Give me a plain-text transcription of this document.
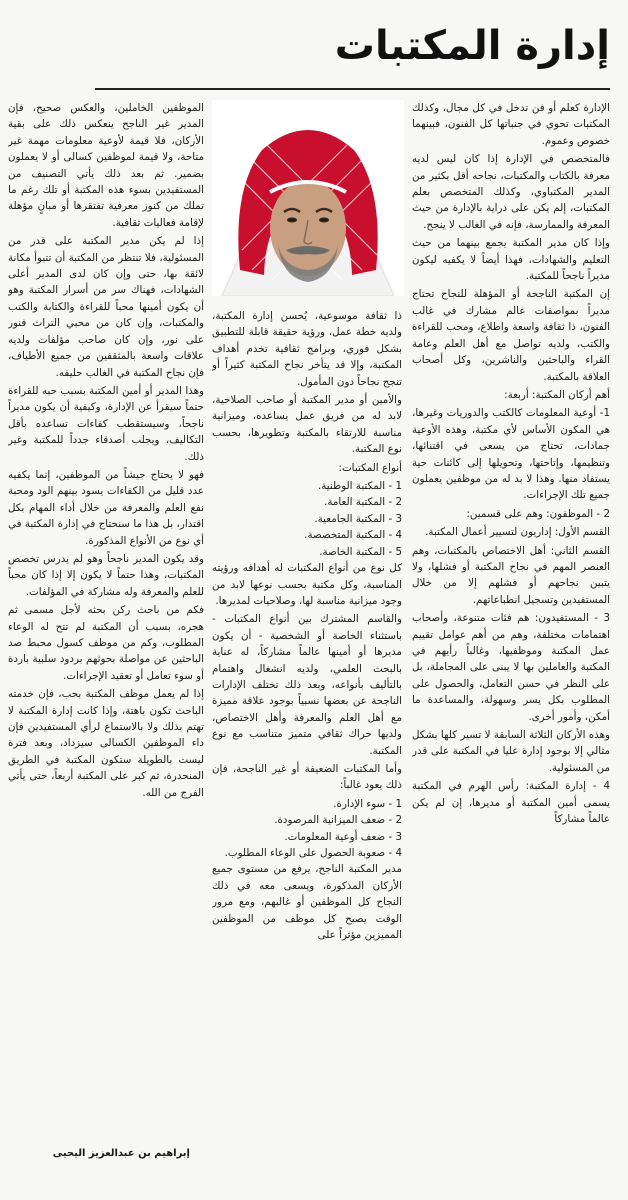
إدارة المكتبات

الإدارة كعلم أو فن تدخل في كل مجال، وكذلك المكتبات تحوي في جنباتها كل الفنون، فبينهما خصوص وعموم.

فالمتخصص في الإدارة إذا كان ليس لديه معرفة بالكتاب والمكتبات، نجاحه أقل بكثير من المدير المكتباوي، وكذلك المتخصص بعلم المكتبات، إلم يكن على دراية بالإدارة من حيث المعرفة والممارسة، فإنه في الغالب لا ينجح.

وإذا كان مدير المكتبة يجمع بينهما من حيث التعليم والشهادات، فهذا أيضاً لا يكفيه ليكون مديراً ناجحاً للمكتبة.

إن المكتبة الناجحة أو المؤهلة للنجاح تحتاج مديراً بمواصفات عالم مشارك في غالب الفنون، ذا ثقافة واسعة واطلاع، ومحب للقراءة والكتب، ولديه تواصل مع أهل العلم وعامة القراء والباحثين والناشرين، وكل أصحاب العلاقة بالمكتبة.

أهم أركان المكتبة: أربعة:

1- أوعية المعلومات كالكتب والدوريات وغيرها، هي المكون الأساس لأي مكتبة، وهذه الأوعية جمادات، تحتاج من يسعى في اقتنائها، وتنظيمها، وإتاحتها، وتحويلها إلى كائنات حية يستفاد منها. وهذا لا بد له من موظفين يعملون جميع تلك الإجراءات.

2 - الموظفون: وهم على قسمين:

القسم الأول: إداريون لتسيير أعمال المكتبة.

القسم الثاني: أهل الاختصاص بالمكتبات، وهم العنصر المهم في نجاح المكتبة أو فشلها، ولا يتبين نجاحهم أو فشلهم إلا من خلال المستفيدين وتسجيل انطباعاتهم.

3 - المستفيدون: هم فئات متنوعة، وأصحاب اهتمامات مختلفة، وهم من أهم عوامل تقييم عمل المكتبة وموظفيها، وغالباً رأيهم في المكتبة والعاملين بها لا يبنى على المجاملة، بل على النظر في حسن التعامل، والحصول على المطلوب بكل يسر وسهولة، والمساعدة ما أمكن، وأمور أخرى.

وهذه الأركان الثلاثة السابقة لا تسير كلها بشكل مثالي إلا بوجود إدارة عليا في المكتبة على قدر من المسئولية.

4 - إدارة المكتبة: رأس الهرم في المكتبة يسمى أمين المكتبة أو مديرها، إن لم يكن عالماً مشاركاً

ذا ثقافة موسوعية، يُحسن إدارة المكتبة، ولديه خطة عمل، ورؤية حقيقة قابلة للتطبيق بشكل فوري، وبرامج ثقافية تخدم أهداف المكتبة، وإلا قد يتأخر نجاح المكتبة كثيراً أو تنجح نجاحاً دون المأمول.

والأمين أو مدير المكتبة أو صاحب الصلاحية، لابد له من فريق عمل يساعده، وميزانية مناسبة للارتقاء بالمكتبة وتطويرها، بحسب نوع المكتبة.

أنواع المكتبات:

1 - المكتبة الوطنية.

2 - المكتبة العامة.

3 - المكتبة الجامعية.

4 - المكتبة المتخصصة.

5 - المكتبة الخاصة.

كل نوع من أنواع المكتبات له أهدافه ورؤيته المناسبة، وكل مكتبة بحسب نوعها لابد من وجود ميزانية مناسبة لها، وصلاحيات لمديرها.

والقاسم المشترك بين أنواع المكتبات - باستثناء الخاصة أو الشخصية - أن يكون مديرها أو أمينها عالماً مشاركاً، له عناية بالبحث العلمي، ولديه انشغال واهتمام بالتأليف بأنواعه، وبعد ذلك تختلف الإدارات الناجحة عن بعضها نسبياً بوجود علاقة مميزة مع أهل العلم والمعرفة وأهل الاختصاص، ولديها حراك ثقافي متميز متناسب مع نوع المكتبة.

وأما المكتبات الضعيفة أو غير الناجحة، فإن ذلك يعود غالباً:

1 - سوء الإدارة.

2 - ضعف الميزانية المرصودة.

3 - ضعف أوعية المعلومات.

4 - صعوبة الحصول على الوعاء المطلوب.

مدير المكتبة الناجح، يرفع من مستوى جميع الأركان المذكورة، ويسعى معه في ذلك النجاح كل الموظفين أو غالبهم، ومع مرور الوقت يصبح كل موظف من الموظفين المميزين مؤثراً على

الموظفين الخاملين، والعكس صحيح، فإن المدير غير الناجح ينعكس ذلك على بقية الأركان، فلا قيمة لأوعية معلومات مهمة غير متاحة، ولا قيمة لموظفين كسالى أو لا يعملون بضمير. ثم بعد ذلك يأتي التصنيف من المستفيدين بسوء هذه المكتبة أو تلك رغم ما تملك من كنوز معرفية تفتقرها أو مبانٍ مؤهلة لإقامة فعاليات ثقافية.

إذا لم يكن مدير المكتبة على قدر من المسئولية، فلا تنتظر من المكتبة أن تتبوأ مكانة لائقة بها، حتى وإن كان لدى المدير أعلى الشهادات، فهناك سر من أسرار المكتبة وهو أن يكون أمينها محباً للقراءة والكتابة والكتب والمكتبات، وإن كان من محبي التراث فنور على نور، وإن كان صاحب مؤلفات ولديه علاقات واسعة بالمثقفين من جميع الأطياف، فإن نجاح المكتبة في الغالب حليفه.

وهذا المدير أو أمين المكتبة بسبب حبه للقراءة حتماً سيقرأ عن الإدارة، وكيفية أن يكون مديراً ناجحاً، وسيستقطب كفاءات تساعده بأقل التكاليف، ويجلب أصدقاء جدداً للمكتبة وغير ذلك.

فهو لا يحتاج جيشاً من الموظفين، إنما يكفيه عدد قليل من الكفاءات يسود بينهم الود ومحبة نفع العلم والمعرفة من خلال أداء المهام بكل اقتدار، بل هذا ما سنحتاج في إدارة المكتبة في أي نوع من الأنواع المذكورة.

وقد يكون المدير ناجحاً وهو لم يدرس تخصص المكتبات، وهذا حتماً لا يكون إلا إذا كان محباً للعلم والمعرفة وله مشاركة في المؤلفات.

فكم من باحث ركن بحثه لأجل مسمى ثم هجره، بسبب أن المكتبة لم تتح له الوعاء المطلوب، وكم من موظف كسول محبط صد الباحثين عن مواصلة بحوثهم بردود سلبية باردة أو سوء تعامل أو تعقيد الإجراءات.

إذا لم يعمل موظف المكتبة بحب، فإن خدمته الباحث تكون باهتة، وإذا كانت إدارة المكتبة لا تهتم بذلك ولا بالاستماع لرأي المستفيدين فإن داء الموظفين الكسالى سيزداد، وبعد فترة ليست بالطويلة ستكون المكتبة في الطريق المنحدرة، ثم كبر على المكتبة أربعاً، حتى يأتي الفرج من الله.

إبراهيم بن عبدالعزيز اليحيى
